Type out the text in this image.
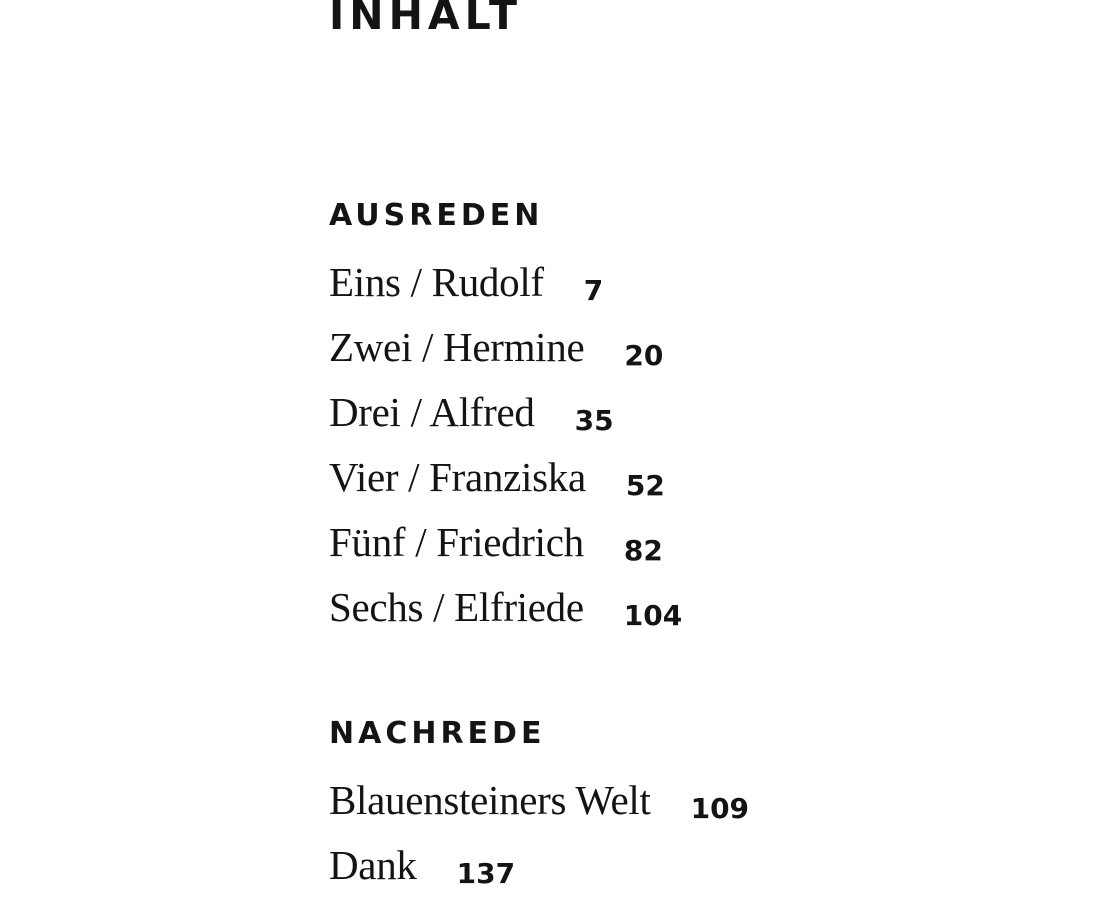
INHALT
AUSREDEN
Eins / Rudolf 7
Zwei / Hermine 20
Drei / Alfred 35
Vier / Franziska 52
Fünf / Friedrich 82
Sechs / Elfriede 104
NACHREDE
Blauensteiners Welt 109
Dank 137
